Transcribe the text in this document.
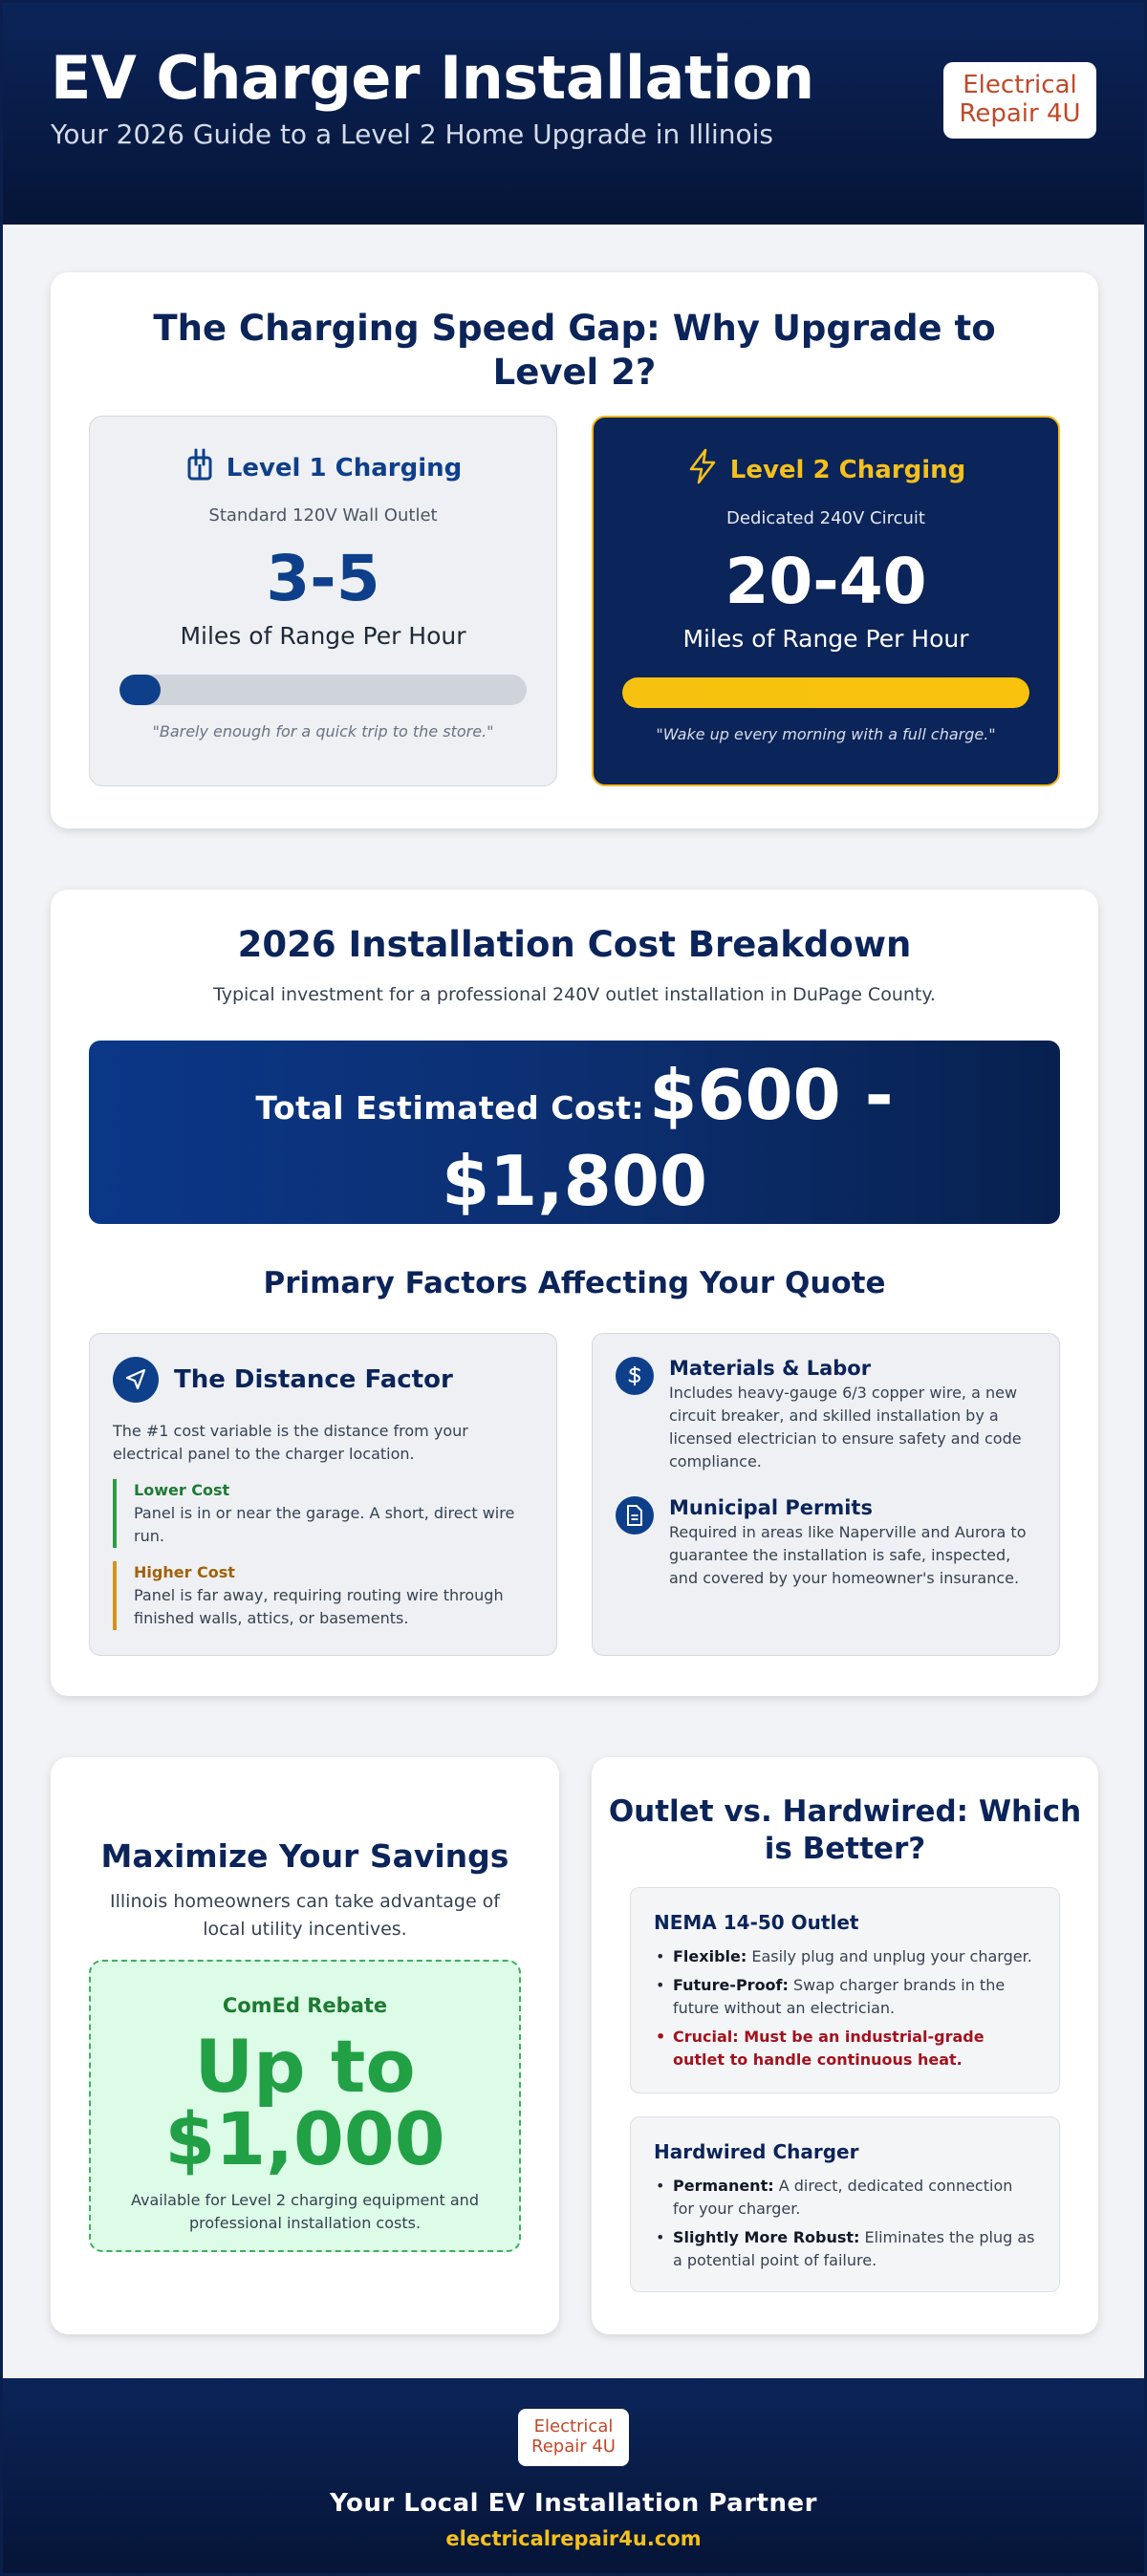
EV Charger Installation
Your 2026 Guide to a Level 2 Home Upgrade in Illinois
Electrical
Repair 4U
The Charging Speed Gap: Why Upgrade to Level 2?
Level 1 Charging
Standard 120V Wall Outlet
3-5
Miles of Range Per Hour
"Barely enough for a quick trip to the store."
Level 2 Charging
Dedicated 240V Circuit
20-40
Miles of Range Per Hour
"Wake up every morning with a full charge."
2026 Installation Cost Breakdown
Typical investment for a professional 240V outlet installation in DuPage County.
Total Estimated Cost: $600 -
$1,800
Primary Factors Affecting Your Quote
The Distance Factor
The #1 cost variable is the distance from your electrical panel to the charger location.
Lower Cost
Panel is in or near the garage. A short, direct wire run.
Higher Cost
Panel is far away, requiring routing wire through finished walls, attics, or basements.
Materials & Labor
Includes heavy-gauge 6/3 copper wire, a new circuit breaker, and skilled installation by a licensed electrician to ensure safety and code compliance.
Municipal Permits
Required in areas like Naperville and Aurora to guarantee the installation is safe, inspected, and covered by your homeowner's insurance.
Maximize Your Savings
Illinois homeowners can take advantage of local utility incentives.
ComEd Rebate
Up to
$1,000
Available for Level 2 charging equipment and professional installation costs.
Outlet vs. Hardwired: Which is Better?
NEMA 14-50 Outlet
• Flexible: Easily plug and unplug your charger.
• Future-Proof: Swap charger brands in the future without an electrician.
• Crucial: Must be an industrial-grade outlet to handle continuous heat.
Hardwired Charger
• Permanent: A direct, dedicated connection for your charger.
• Slightly More Robust: Eliminates the plug as a potential point of failure.
Electrical
Repair 4U
Your Local EV Installation Partner
electricalrepair4u.com
